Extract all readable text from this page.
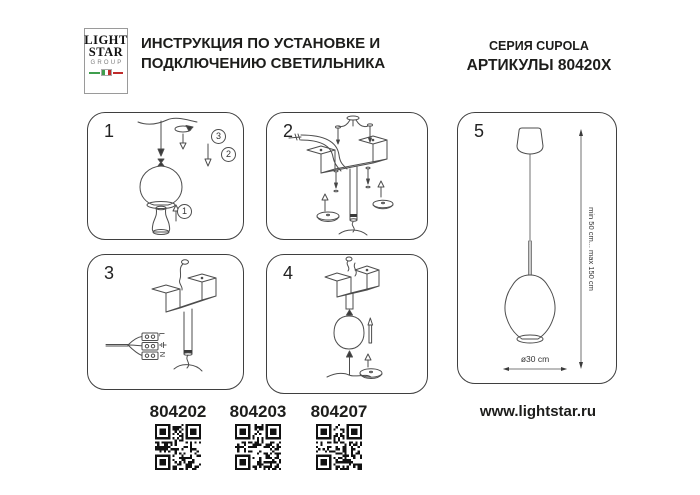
LIGHT
STAR
GROUP
ИНСТРУКЦИЯ ПО УСТАНОВКЕ И
ПОДКЛЮЧЕНИЮ СВЕТИЛЬНИКА
СЕРИЯ CUPOLA
АРТИКУЛЫ 80420X
1	3
2
1
2
3
L
N
4
5
min 50 cm... max 150 cm
ø30 cm
804202	804203	804207	www.lightstar.ru
